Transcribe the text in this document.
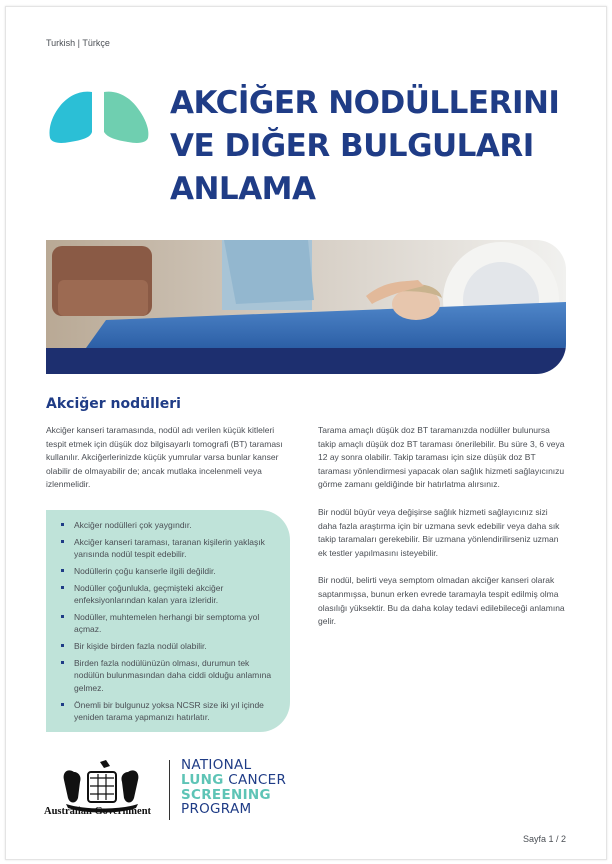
Turkish | Türkçe
AKCİĞER NODÜLLERINI
VE DIĞER BULGULARI
ANLAMA
Akciğer nodülleri

Akciğer kanseri taramasında, nodül adı verilen küçük kitleleri tespit etmek için düşük doz bilgisayarlı tomografi (BT) taraması kullanılır. Akciğerlerinizde küçük yumrular varsa bunlar kanser olabilir de olmayabilir de; ancak mutlaka incelenmeli veya izlenmelidir.

Akciğer nodülleri çok yaygındır.
Akciğer kanseri taraması, taranan kişilerin yaklaşık yarısında nodül tespit edebilir.
Nodüllerin çoğu kanserle ilgili değildir.
Nodüller çoğunlukla, geçmişteki akciğer enfeksiyonlarından kalan yara izleridir.
Nodüller, muhtemelen herhangi bir semptoma yol açmaz.
Bir kişide birden fazla nodül olabilir.
Birden fazla nodülünüzün olması, durumun tek nodülün bulunmasından daha ciddi olduğu anlamına gelmez.
Önemli bir bulgunuz yoksa NCSR size iki yıl içinde yeniden tarama yapmanızı hatırlatır.

Tarama amaçlı düşük doz BT taramanızda nodüller bulunursa takip amaçlı düşük doz BT taraması önerilebilir. Bu süre 3, 6 veya 12 ay sonra olabilir. Takip taraması için size düşük doz BT taraması yönlendirmesi yapacak olan sağlık hizmeti sağlayıcınızu görme zamanı geldiğinde bir hatırlatma alırsınız.

Bir nodül büyür veya değişirse sağlık hizmeti sağlayıcınız sizi daha fazla araştırma için bir uzmana sevk edebilir veya daha sık takip taramaları gerekebilir. Bir uzmana yönlendirilirseniz uzman ek testler yapılmasını isteyebilir.

Bir nodül, belirti veya semptom olmadan akciğer kanseri olarak saptanmışsa, bunun erken evrede taramayla tespit edilmiş olma olasılığı yüksektir. Bu da daha kolay tedavi edilebileceği anlamına gelir.

Australian Government
NATIONAL
LUNG CANCER
SCREENING
PROGRAM
Sayfa 1 / 2
